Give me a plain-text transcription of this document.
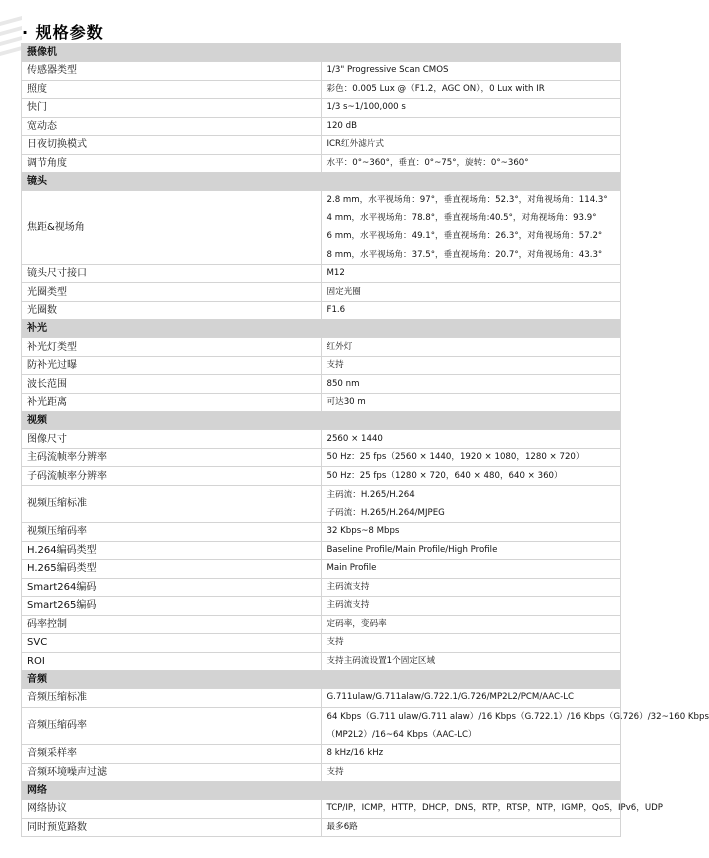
· 规格参数
摄像机	
传感器类型	1/3" Progressive Scan CMOS
照度	彩色：0.005 Lux @（F1.2，AGC ON），0 Lux with IR
快门	1/3 s~1/100,000 s
宽动态	120 dB
日夜切换模式	ICR红外滤片式
调节角度	水平：0°~360°，垂直：0°~75°，旋转：0°~360°
镜头	
焦距&视场角	2.8 mm，水平视场角：97°，垂直视场角：52.3°，对角视场角：114.3°
4 mm，水平视场角：78.8°，垂直视场角:40.5°，对角视场角：93.9°
6 mm，水平视场角：49.1°，垂直视场角：26.3°，对角视场角：57.2°
8 mm，水平视场角：37.5°，垂直视场角：20.7°，对角视场角：43.3°

镜头尺寸接口	M12
光圈类型	固定光圈
光圈数	F1.6
补光	
补光灯类型	红外灯
防补光过曝	支持
波长范围	850 nm
补光距离	可达30 m
视频	
图像尺寸	2560 × 1440
主码流帧率分辨率	50 Hz：25 fps（2560 × 1440，1920 × 1080，1280 × 720）
子码流帧率分辨率	50 Hz：25 fps（1280 × 720，640 × 480，640 × 360）
视频压缩标准	主码流：H.265/H.264
子码流：H.265/H.264/MJPEG

视频压缩码率	32 Kbps~8 Mbps
H.264编码类型	Baseline Profile/Main Profile/High Profile
H.265编码类型	Main Profile
Smart264编码	主码流支持
Smart265编码	主码流支持
码率控制	定码率，变码率
SVC	支持
ROI	支持主码流设置1个固定区域
音频	
音频压缩标准	G.711ulaw/G.711alaw/G.722.1/G.726/MP2L2/PCM/AAC-LC
音频压缩码率	64 Kbps（G.711 ulaw/G.711 alaw）/16 Kbps（G.722.1）/16 Kbps（G.726）/32~160 Kbps
（MP2L2）/16~64 Kbps（AAC-LC）

音频采样率	8 kHz/16 kHz
音频环境噪声过滤	支持
网络	
网络协议	TCP/IP，ICMP，HTTP，DHCP，DNS，RTP，RTSP，NTP，IGMP，QoS，IPv6，UDP
同时预览路数	最多6路
